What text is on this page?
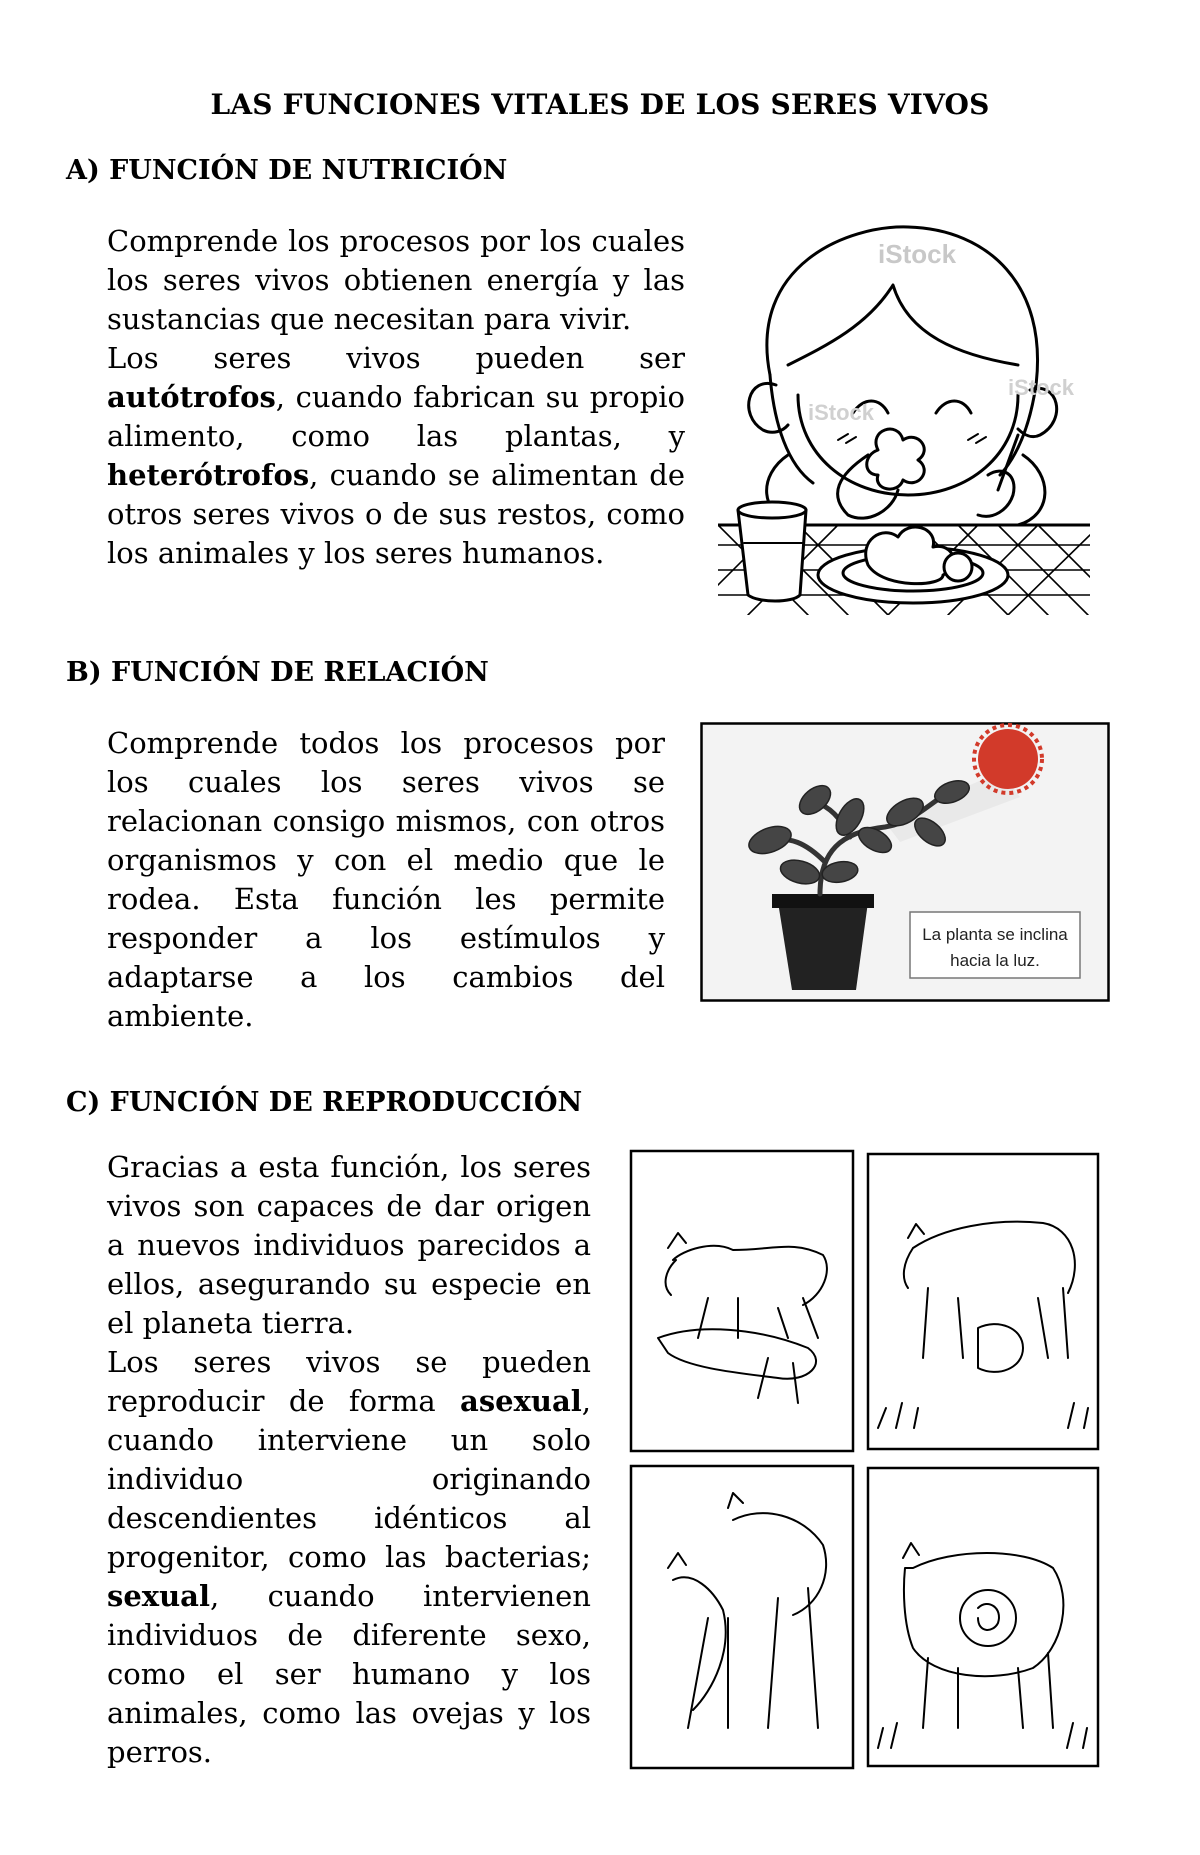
LAS FUNCIONES VITALES DE LOS SERES VIVOS
A) FUNCIÓN DE NUTRICIÓN

Comprende los procesos por los cuales los seres vivos obtienen energía y las sustancias que necesitan para vivir.

Los seres vivos pueden ser autótrofos, cuando fabrican su propio alimento, como las plantas, y heterótrofos, cuando se alimentan de otros seres vivos o de sus restos, como los animales y los seres humanos.

iStock
iStock
iStock
B) FUNCIÓN DE RELACIÓN

Comprende todos los procesos por los cuales los seres vivos se relacionan consigo mismos, con otros organismos y con el medio que le rodea. Esta función les permite responder a los estímulos y adaptarse a los cambios del ambiente.

La planta se inclina
hacia la luz.
C) FUNCIÓN DE REPRODUCCIÓN

Gracias a esta función, los seres vivos son capaces de dar origen a nuevos individuos parecidos a ellos, asegurando su especie en el planeta tierra.

Los seres vivos se pueden reproducir de forma asexual, cuando interviene un solo individuo originando descendientes idénticos al progenitor, como las bacterias; sexual, cuando intervienen individuos de diferente sexo, como el ser humano y los animales, como las ovejas y los perros.
